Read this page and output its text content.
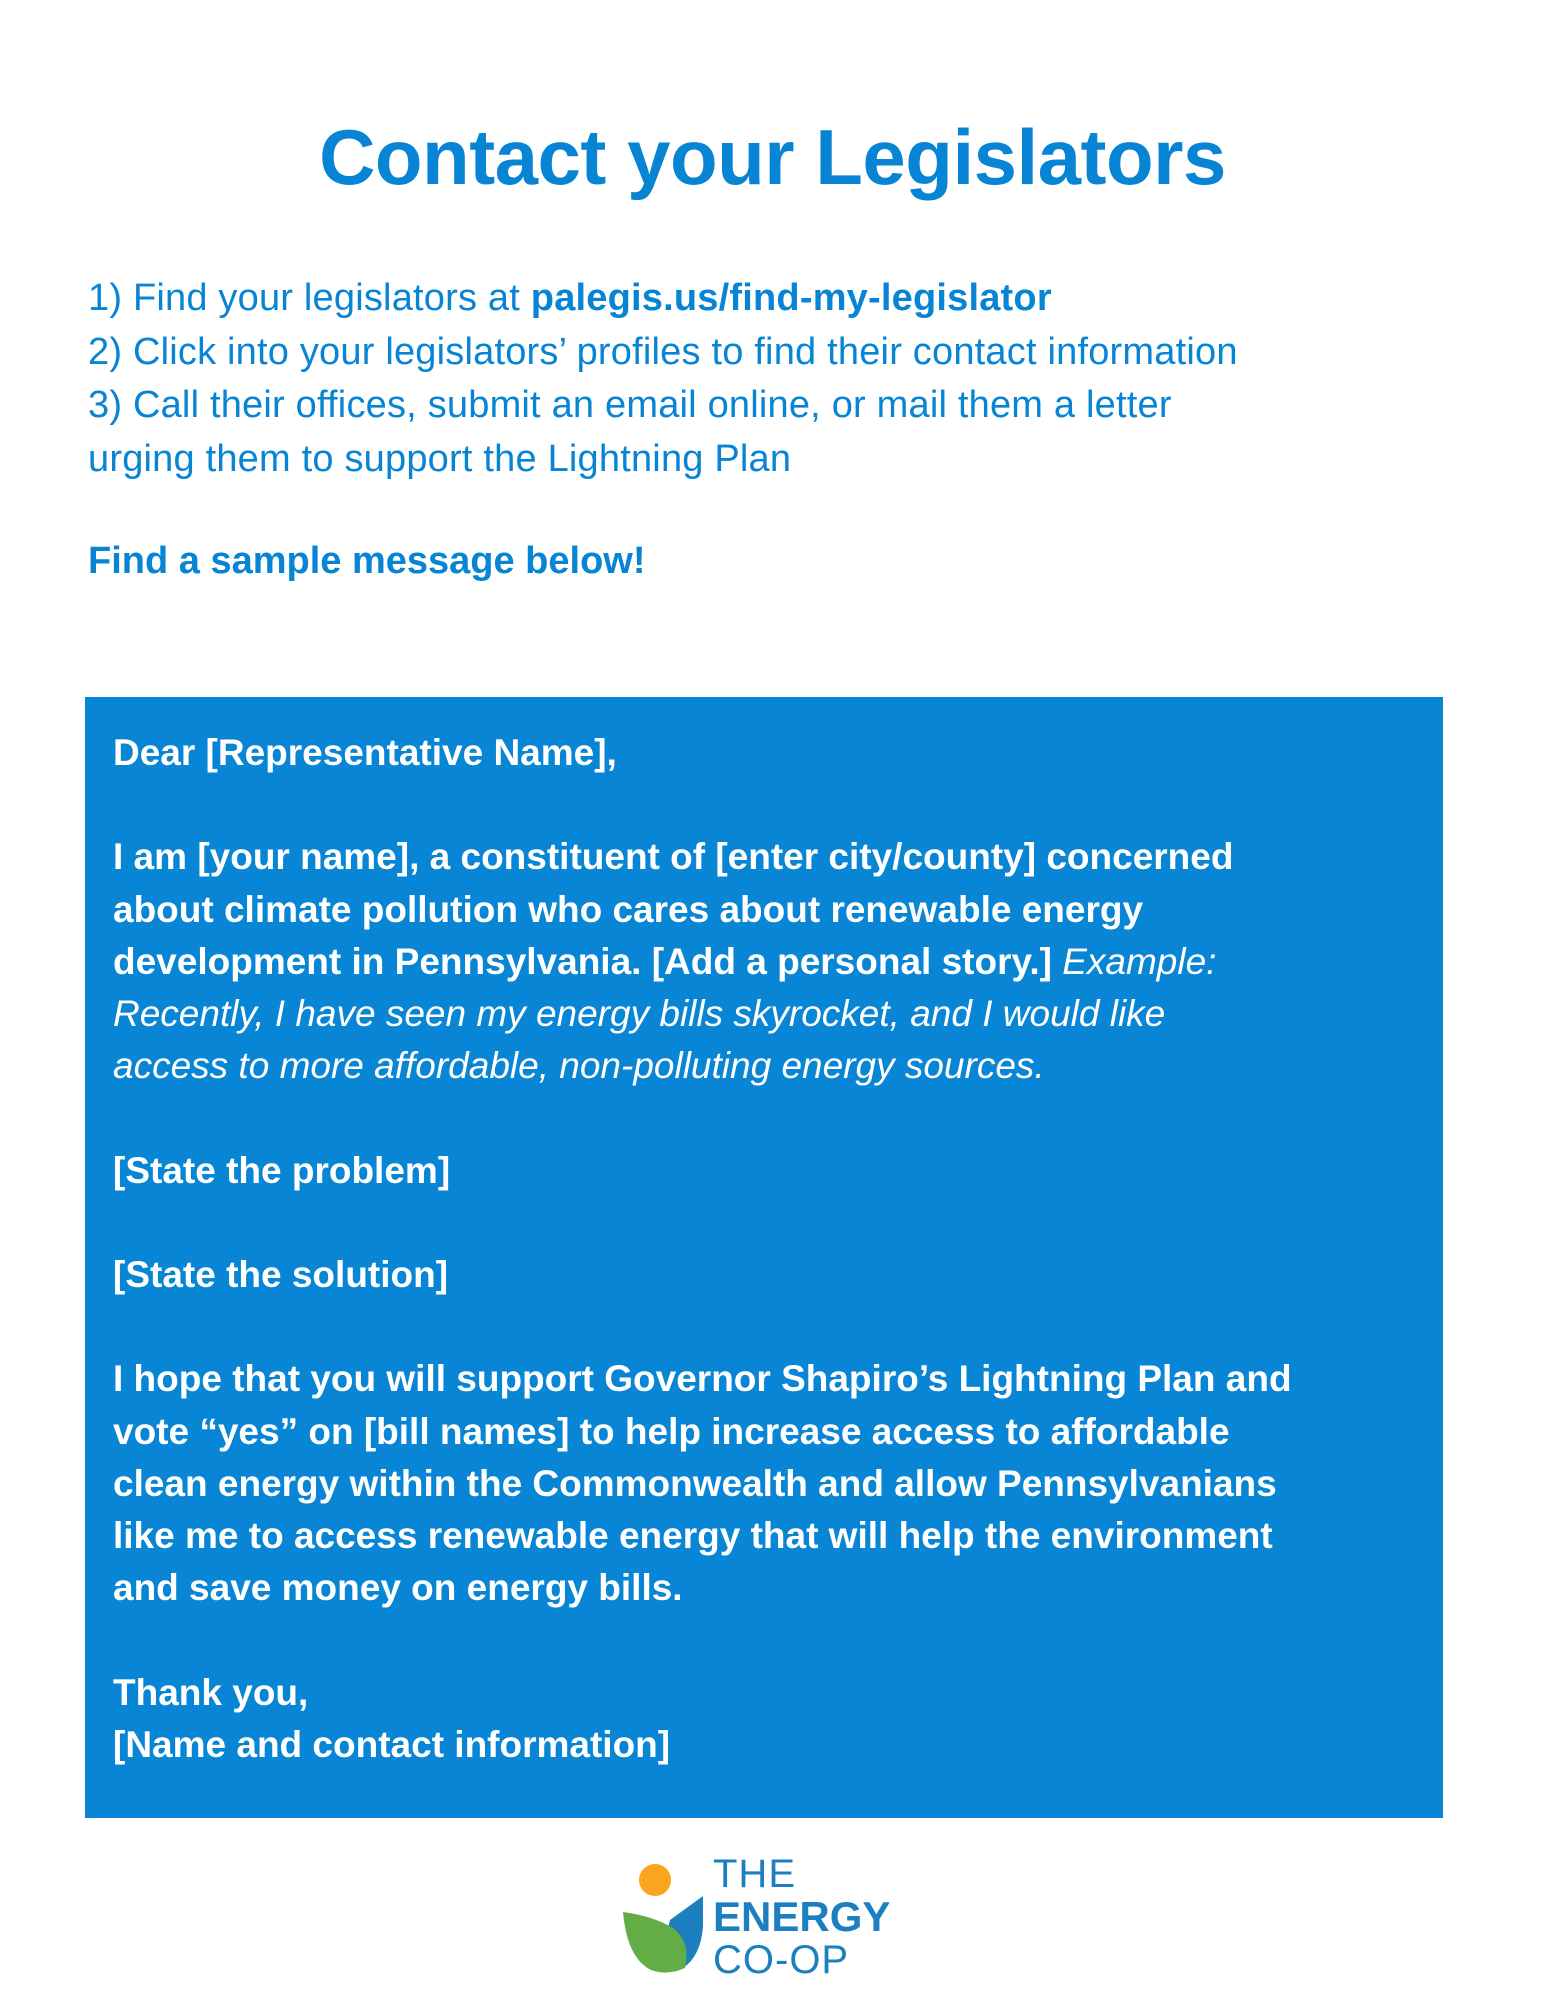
Contact your Legislators
1) Find your legislators at palegis.us/find-my-legislator
2) Click into your legislators’ profiles to find their contact information
3) Call their offices, submit an email online, or mail them a letter
urging them to support the Lightning Plan
Find a sample message below!

Dear [Representative Name],

I am [your name], a constituent of [enter city/county] concerned
about climate pollution who cares about renewable energy
development in Pennsylvania. [Add a personal story.] Example:
Recently, I have seen my energy bills skyrocket, and I would like
access to more affordable, non-polluting energy sources.

[State the problem]

[State the solution]

I hope that you will support Governor Shapiro’s Lightning Plan and
vote “yes” on [bill names] to help increase access to affordable
clean energy within the Commonwealth and allow Pennsylvanians
like me to access renewable energy that will help the environment
and save money on energy bills.

Thank you,
[Name and contact information]

THE
ENERGY
CO-OP
